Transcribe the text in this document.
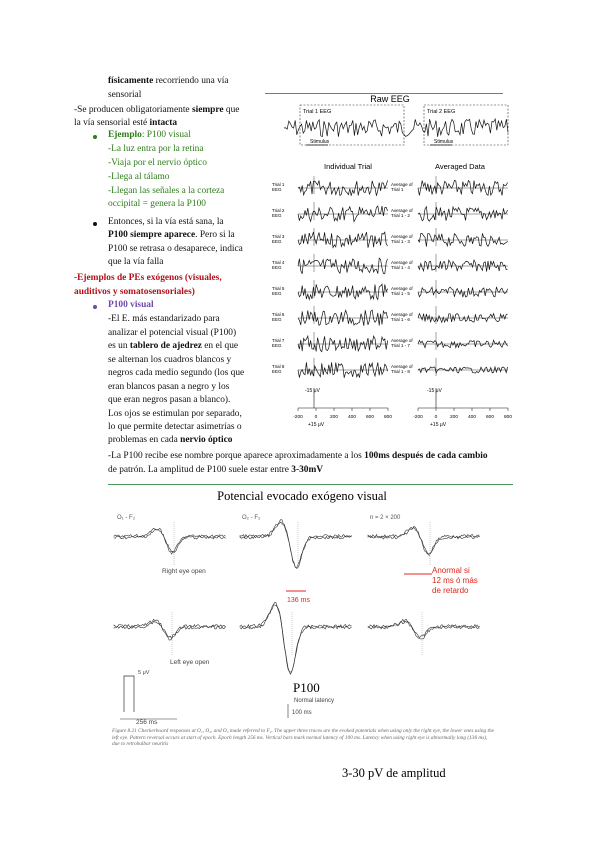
físicamente recorriendo una vía
sensorial
-Se producen obligatoriamente siempre que
la vía sensorial esté intacta
Ejemplo: P100 visual
-La luz entra por la retina
-Viaja por el nervio óptico
-Llega al tálamo
-Llegan las señales a la corteza
occipital = genera la P100
Entonces, si la vía está sana, la
P100 siempre aparece. Pero si la
P100 se retrasa o desaparece, indica
que la vía falla
-Ejemplos de PEs exógenos (visuales,
auditivos y somatosensoriales)
P100 visual
-El E. más estandarizado para
analizar el potencial visual (P100)
es un tablero de ajedrez en el que
se alternan los cuadros blancos y
negros cada medio segundo (los que
eran blancos pasan a negro y los
que eran negros pasan a blanco).
Los ojos se estimulan por separado,
lo que permite detectar asimetrías o
problemas en cada nervio óptico
-La P100 recibe ese nombre porque aparece aproximadamente a los 100ms después de cada cambio
de patrón. La amplitud de P100 suele estar entre 3-30mV
Raw EEG
Trial 1 EEG	Trial 2 EEG
Stimulus	Stimulus
Individual Trial	Averaged Data
Trial 1
EEG
Average of
Trial 1
Trial 2
EEG
Average of
Trial 1 - 2
Trial 3
EEG
Average of
Trial 1 - 3
Trial 4
EEG
Average of
Trial 1 - 4
Trial 5
EEG
Average of
Trial 1 - 5
Trial 6
EEG
Average of
Trial 1 - 6
Trial 7
EEG
Average of
Trial 1 - 7
Trial 8
EEG
Average of
Trial 1 - 8
-200	-200
0	0
200	200
400	400
600	600
800	800
-15 μV
+15 μV
-15 μV
+15 μV
Potencial evocado exógeno visual
O₁ - F₂	O₂ - F₂	n = 2 × 200
Right eye open
Left eye open
136 ms
Anormal si 12 ms ó más de retardo
P100
Normal latency
100 ms
5 μV
256 ms
Figure 8.21 Checkerboard responses at O₁, O₂, and O₃ made referred to F₂. The upper three traces are the evoked potentials when using only the right eye, the lower ones using the left eye. Pattern reversal occurs at start of epoch. Epoch length 256 ms. Vertical bars mark normal latency of 100 ms. Latency when using right eye is abnormally long (136 ms), due to retrobulbar neuritis
3-30 pV de amplitud
